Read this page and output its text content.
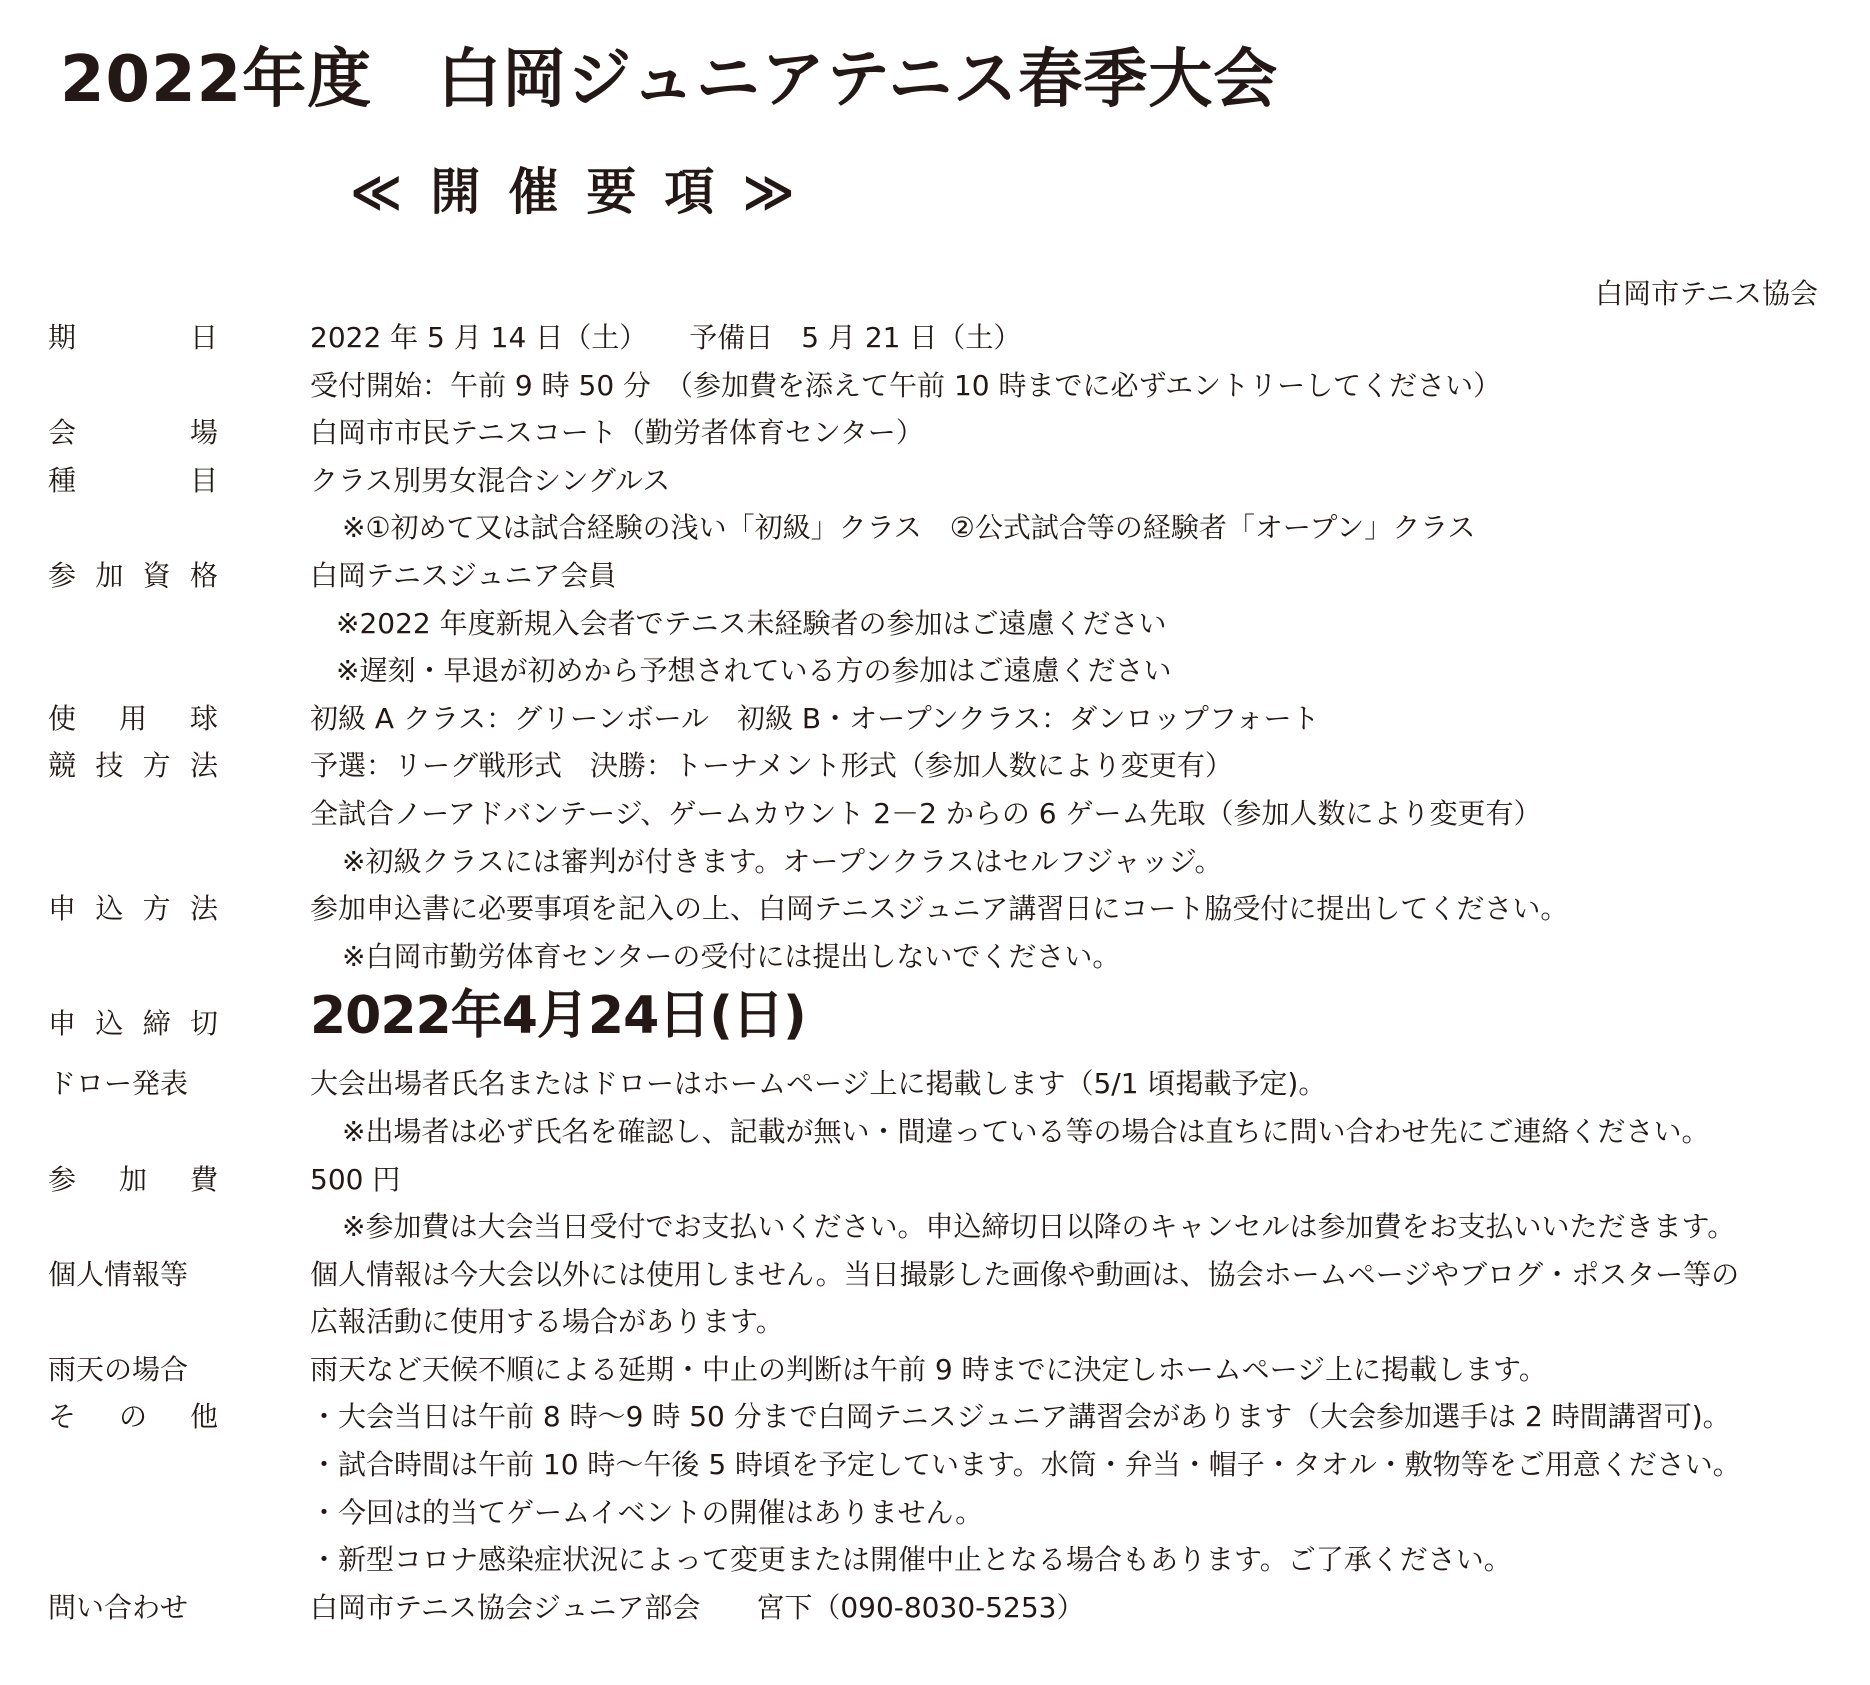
2022年度　白岡ジュニアテニス春季大会
≪開催要項≫
白岡市テニス協会
期	日	2022 年 5 月 14 日（土）　　予備日　5 月 21 日（土）
受付開始：午前 9 時 50 分　（参加費を添えて午前 10 時までに必ずエントリーしてください）
会	場	白岡市市民テニスコート（勤労者体育センター）
種	目	クラス別男女混合シングルス
※①初めて又は試合経験の浅い「初級」クラス　②公式試合等の経験者「オープン」クラス
参 加 資 格	白岡テニスジュニア会員
※2022 年度新規入会者でテニス未経験者の参加はご遠慮ください
※遅刻・早退が初めから予想されている方の参加はご遠慮ください
使 用 球	初級 A クラス：グリーンボール　初級 B・オープンクラス：ダンロップフォート
競 技 方 法	予選：リーグ戦形式　決勝：トーナメント形式（参加人数により変更有）
全試合ノーアドバンテージ、ゲームカウント 2－2 からの 6 ゲーム先取（参加人数により変更有）
※初級クラスには審判が付きます。オープンクラスはセルフジャッジ。
申 込 方 法	参加申込書に必要事項を記入の上、白岡テニスジュニア講習日にコート脇受付に提出してください。
※白岡市勤労体育センターの受付には提出しないでください。
申 込 締 切 2022年4月24日(日)
ドロー発表	大会出場者氏名またはドローはホームページ上に掲載します（5/1 頃掲載予定)。
※出場者は必ず氏名を確認し、記載が無い・間違っている等の場合は直ちに問い合わせ先にご連絡ください。
参 加 費	500 円
※参加費は大会当日受付でお支払いください。申込締切日以降のキャンセルは参加費をお支払いいただきます。
個人情報等	個人情報は今大会以外には使用しません。当日撮影した画像や動画は、協会ホームページやブログ・ポスター等の
広報活動に使用する場合があります。
雨天の場合	雨天など天候不順による延期・中止の判断は午前 9 時までに決定しホームページ上に掲載します。
そ の 他	・大会当日は午前 8 時～9 時 50 分まで白岡テニスジュニア講習会があります（大会参加選手は 2 時間講習可)。
・試合時間は午前 10 時～午後 5 時頃を予定しています。水筒・弁当・帽子・タオル・敷物等をご用意ください。
・今回は的当てゲームイベントの開催はありません。
・新型コロナ感染症状況によって変更または開催中止となる場合もあります。ご了承ください。
問い合わせ	白岡市テニス協会ジュニア部会　　宮下（090-8030-5253）
